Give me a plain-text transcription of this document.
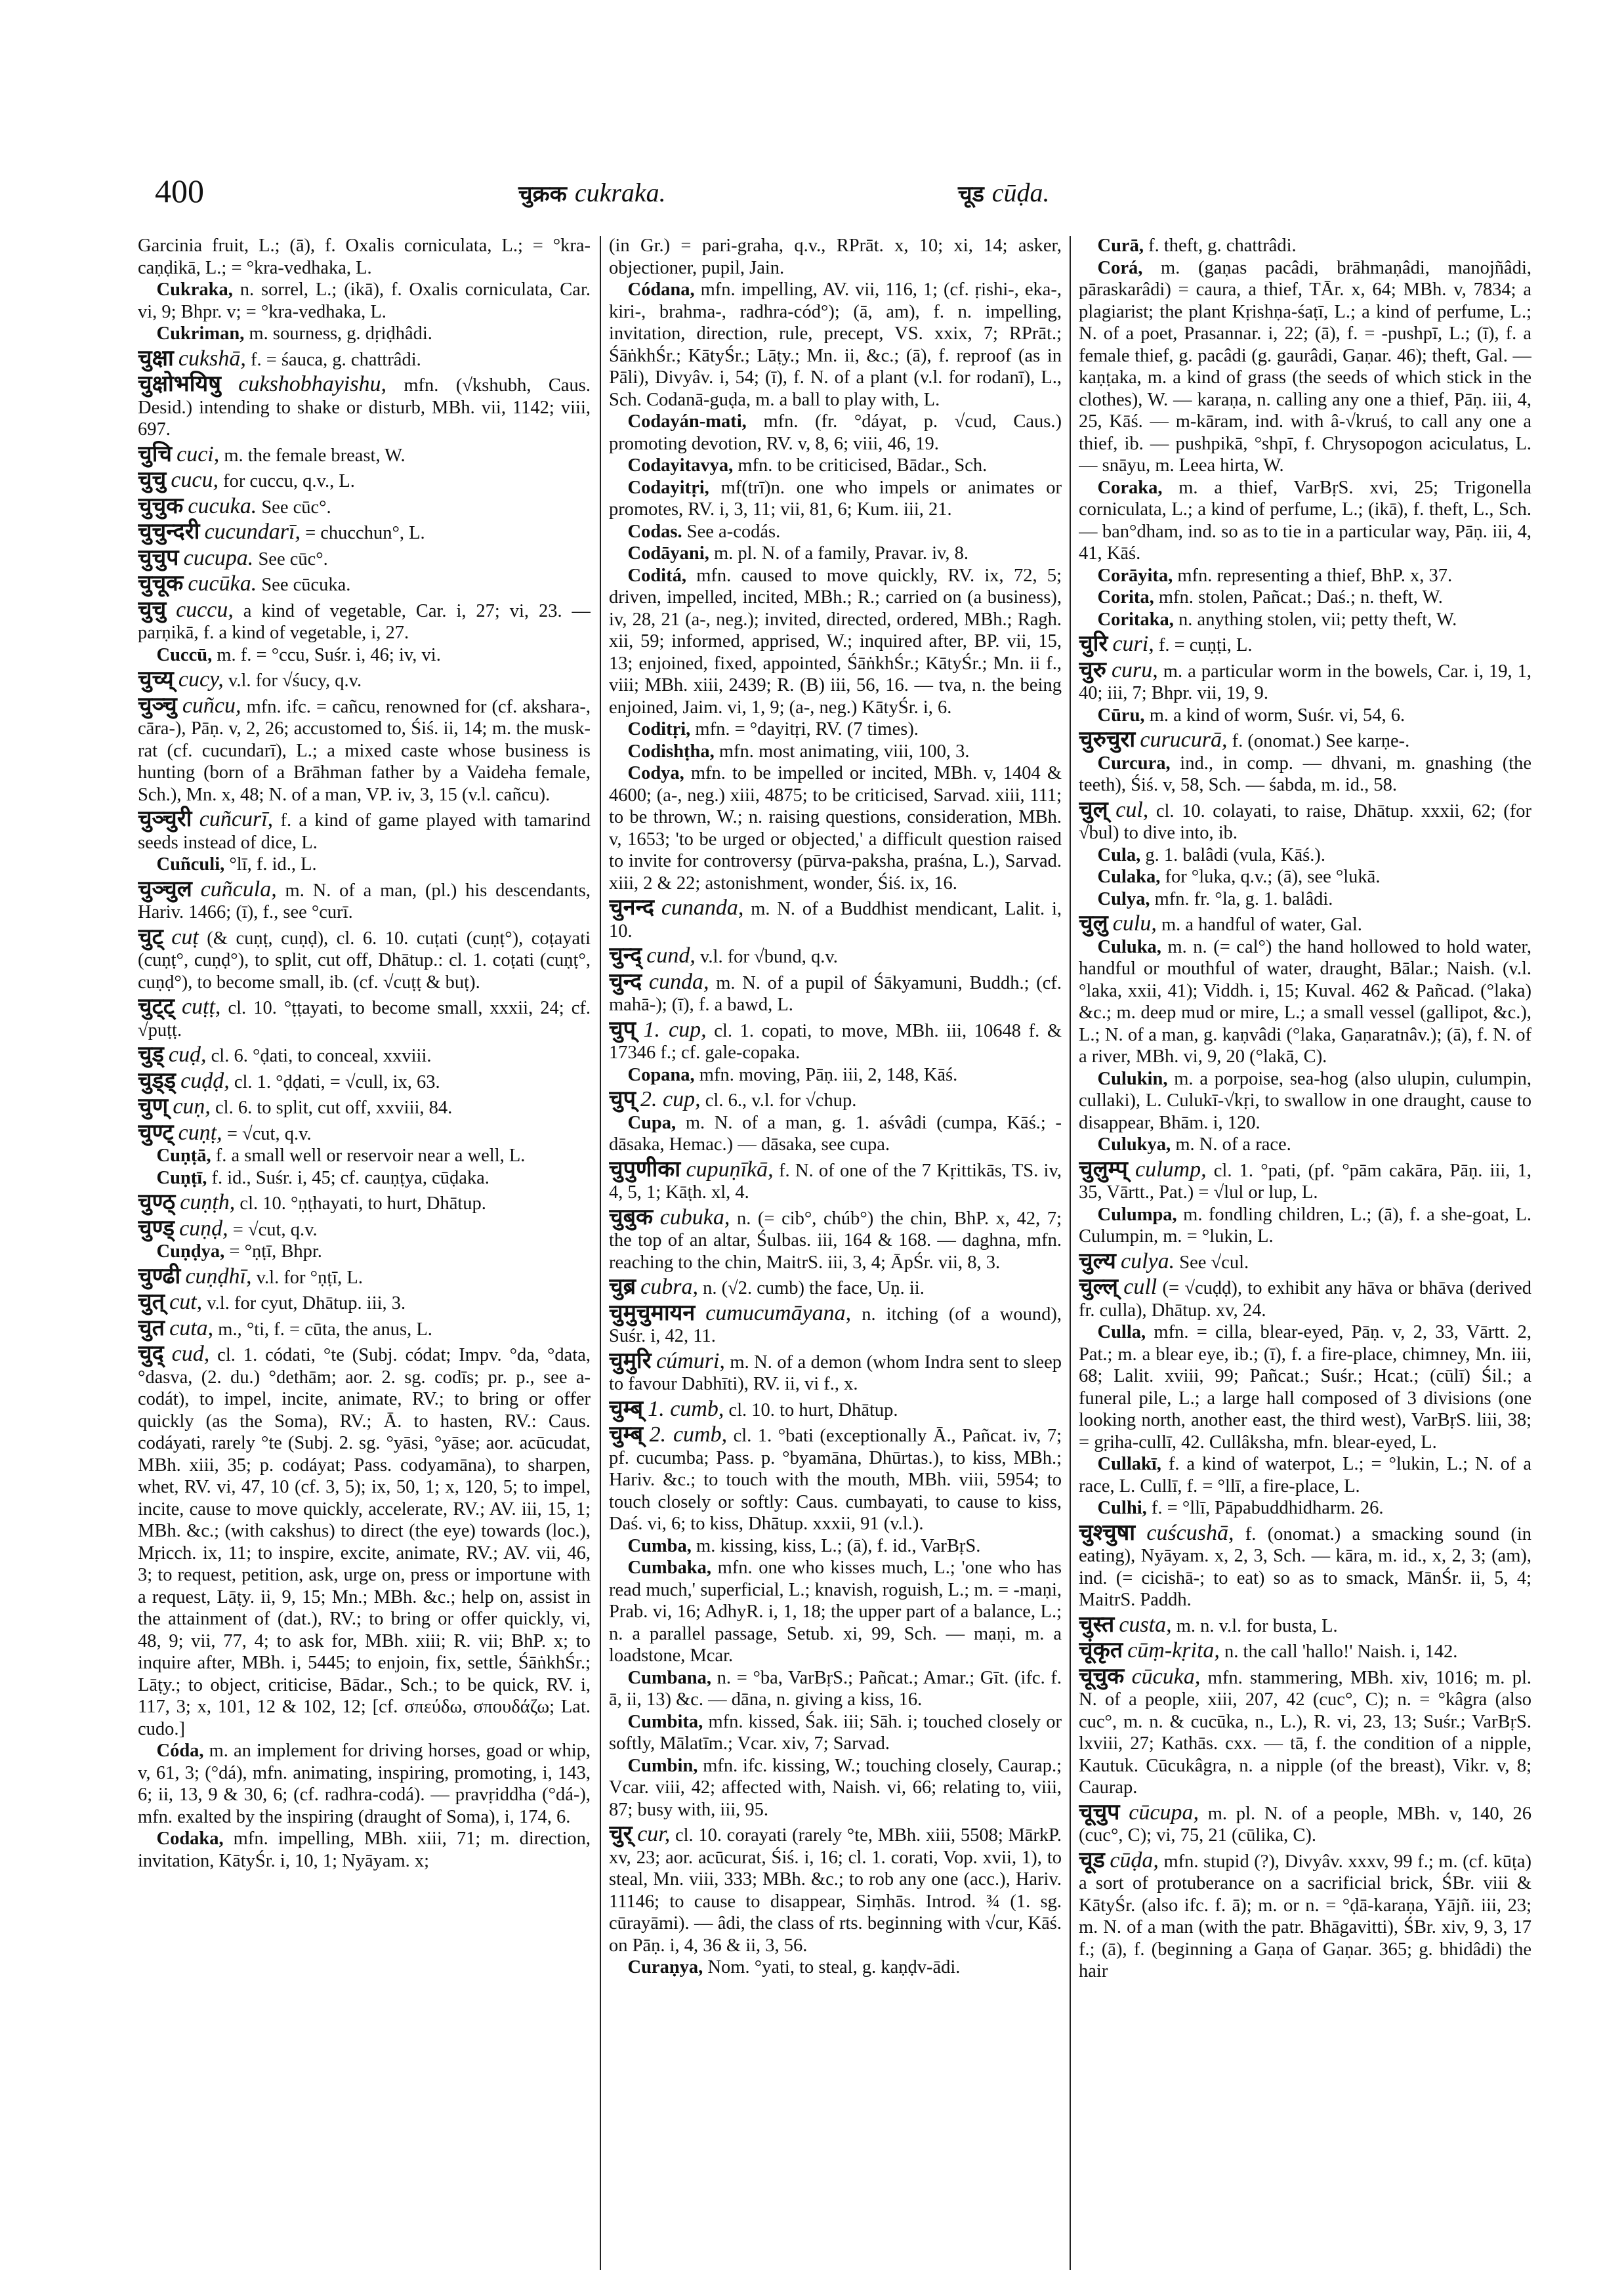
400	चुक्रक cukraka.	चूड cūḍa.

Garcinia fruit, L.; (ā), f. Oxalis corniculata, L.; = °kra-caṇḍikā, L.; = °kra-vedhaka, L.

Cukraka, n. sorrel, L.; (ikā), f. Oxalis corniculata, Car. vi, 9; Bhpr. v; = °kra-vedhaka, L.

Cukriman, m. sourness, g. dṛiḍhâdi.

चुक्षा cukshā, f. = śauca, g. chattrâdi.

चुक्षोभयिषु cukshobhayishu, mfn. (√kshubh, Caus. Desid.) intending to shake or disturb, MBh. vii, 1142; viii, 697.

चुचि cuci, m. the female breast, W.

चुचु cucu, for cuccu, q.v., L.

चुचुक cucuka. See cūc°.

चुचुन्दरी cucundarī, = chucchun°, L.

चुचुप cucupa. See cūc°.

चुचूक cucūka. See cūcuka.

चुचु cuccu, a kind of vegetable, Car. i, 27; vi, 23. — parṇikā, f. a kind of vegetable, i, 27.

Cuccū, m. f. = °ccu, Suśr. i, 46; iv, vi.

चुच्य् cucy, v.l. for √śucy, q.v.

चुञ्चु cuñcu, mfn. ifc. = cañcu, renowned for (cf. akshara-, cāra-), Pāṇ. v, 2, 26; accustomed to, Śiś. ii, 14; m. the musk-rat (cf. cucundarī), L.; a mixed caste whose business is hunting (born of a Brāhman father by a Vaideha female, Sch.), Mn. x, 48; N. of a man, VP. iv, 3, 15 (v.l. cañcu).

चुञ्चुरी cuñcurī, f. a kind of game played with tamarind seeds instead of dice, L.

Cuñculi, °lī, f. id., L.

चुञ्चुल cuñcula, m. N. of a man, (pl.) his descendants, Hariv. 1466; (ī), f., see °curī.

चुट् cuṭ (& cuṇṭ, cuṇḍ), cl. 6. 10. cuṭati (cuṇṭ°), coṭayati (cuṇṭ°, cuṇḍ°), to split, cut off, Dhātup.: cl. 1. coṭati (cuṇṭ°, cuṇḍ°), to become small, ib. (cf. √cuṭṭ & buṭ).

चुट्ट् cuṭṭ, cl. 10. °ṭṭayati, to become small, xxxii, 24; cf. √puṭṭ.

चुड् cuḍ, cl. 6. °ḍati, to conceal, xxviii.

चुड्ड् cuḍḍ, cl. 1. °ḍḍati, = √cull, ix, 63.

चुण् cuṇ, cl. 6. to split, cut off, xxviii, 84.

चुण्ट् cuṇṭ, = √cut, q.v.

Cuṇṭā, f. a small well or reservoir near a well, L.

Cuṇṭī, f. id., Suśr. i, 45; cf. cauṇṭya, cūḍaka.

चुण्ठ् cuṇṭh, cl. 10. °ṇṭhayati, to hurt, Dhātup.

चुण्ड् cuṇḍ, = √cut, q.v.

Cuṇḍya, = °ṇṭī, Bhpr.

चुण्ढी cuṇḍhī, v.l. for °ṇṭī, L.

चुत् cut, v.l. for cyut, Dhātup. iii, 3.

चुत cuta, m., °ti, f. = cūta, the anus, L.

चुद् cud, cl. 1. códati, °te (Subj. códat; Impv. °da, °data, °dasva, (2. du.) °dethām; aor. 2. sg. codīs; pr. p., see a-codát), to impel, incite, animate, RV.; to bring or offer quickly (as the Soma), RV.; Ā. to hasten, RV.: Caus. codáyati, rarely °te (Subj. 2. sg. °yāsi, °yāse; aor. acūcudat, MBh. xiii, 35; p. codáyat; Pass. codyamāna), to sharpen, whet, RV. vi, 47, 10 (cf. 3, 5); ix, 50, 1; x, 120, 5; to impel, incite, cause to move quickly, accelerate, RV.; AV. iii, 15, 1; MBh. &c.; (with cakshus) to direct (the eye) towards (loc.), Mṛicch. ix, 11; to inspire, excite, animate, RV.; AV. vii, 46, 3; to request, petition, ask, urge on, press or importune with a request, Lāṭy. ii, 9, 15; Mn.; MBh. &c.; help on, assist in the attainment of (dat.), RV.; to bring or offer quickly, vi, 48, 9; vii, 77, 4; to ask for, MBh. xiii; R. vii; BhP. x; to inquire after, MBh. i, 5445; to enjoin, fix, settle, ŚāṅkhŚr.; Lāṭy.; to object, criticise, Bādar., Sch.; to be quick, RV. i, 117, 3; x, 101, 12 & 102, 12; [cf. σπεύδω, σπουδάζω; Lat. cudo.]

Códa, m. an implement for driving horses, goad or whip, v, 61, 3; (°dá), mfn. animating, inspiring, promoting, i, 143, 6; ii, 13, 9 & 30, 6; (cf. radhra-codá). — pravṛiddha (°dá-), mfn. exalted by the inspiring (draught of Soma), i, 174, 6.

Codaka, mfn. impelling, MBh. xiii, 71; m. direction, invitation, KātyŚr. i, 10, 1; Nyāyam. x;

(in Gr.) = pari-graha, q.v., RPrāt. x, 10; xi, 14; asker, objectioner, pupil, Jain.

Códana, mfn. impelling, AV. vii, 116, 1; (cf. ṛishi-, eka-, kiri-, brahma-, radhra-cód°); (ā, am), f. n. impelling, invitation, direction, rule, precept, VS. xxix, 7; RPrāt.; ŚāṅkhŚr.; KātyŚr.; Lāṭy.; Mn. ii, &c.; (ā), f. reproof (as in Pāli), Divyâv. i, 54; (ī), f. N. of a plant (v.l. for rodanī), L., Sch. Codanā-guḍa, m. a ball to play with, L.

Codayán-mati, mfn. (fr. °dáyat, p. √cud, Caus.) promoting devotion, RV. v, 8, 6; viii, 46, 19.

Codayitavya, mfn. to be criticised, Bādar., Sch.

Codayitṛi, mf(trī)n. one who impels or animates or promotes, RV. i, 3, 11; vii, 81, 6; Kum. iii, 21.

Codas. See a-codás.

Codāyani, m. pl. N. of a family, Pravar. iv, 8.

Coditá, mfn. caused to move quickly, RV. ix, 72, 5; driven, impelled, incited, MBh.; R.; carried on (a business), iv, 28, 21 (a-, neg.); invited, directed, ordered, MBh.; Ragh. xii, 59; informed, apprised, W.; inquired after, BP. vii, 15, 13; enjoined, fixed, appointed, ŚāṅkhŚr.; KātyŚr.; Mn. ii f., viii; MBh. xiii, 2439; R. (B) iii, 56, 16. — tva, n. the being enjoined, Jaim. vi, 1, 9; (a-, neg.) KātyŚr. i, 6.

Coditṛi, mfn. = °dayitṛi, RV. (7 times).

Codishṭha, mfn. most animating, viii, 100, 3.

Codya, mfn. to be impelled or incited, MBh. v, 1404 & 4600; (a-, neg.) xiii, 4875; to be criticised, Sarvad. xiii, 111; to be thrown, W.; n. raising questions, consideration, MBh. v, 1653; 'to be urged or objected,' a difficult question raised to invite for controversy (pūrva-paksha, praśna, L.), Sarvad. xiii, 2 & 22; astonishment, wonder, Śiś. ix, 16.

चुनन्द cunanda, m. N. of a Buddhist mendicant, Lalit. i, 10.

चुन्द् cund, v.l. for √bund, q.v.

चुन्द cunda, m. N. of a pupil of Śākyamuni, Buddh.; (cf. mahā-); (ī), f. a bawd, L.

चुप् 1. cup, cl. 1. copati, to move, MBh. iii, 10648 f. & 17346 f.; cf. gale-copaka.

Copana, mfn. moving, Pāṇ. iii, 2, 148, Kāś.

चुप् 2. cup, cl. 6., v.l. for √chup.

Cupa, m. N. of a man, g. 1. aśvâdi (cumpa, Kāś.; -dāsaka, Hemac.) — dāsaka, see cupa.

चुपुणीका cupuṇīkā, f. N. of one of the 7 Kṛittikās, TS. iv, 4, 5, 1; Kāṭh. xl, 4.

चुबुक cubuka, n. (= cib°, chúb°) the chin, BhP. x, 42, 7; the top of an altar, Śulbas. iii, 164 & 168. — daghna, mfn. reaching to the chin, MaitrS. iii, 3, 4; ĀpŚr. vii, 8, 3.

चुब्र cubra, n. (√2. cumb) the face, Uṇ. ii.

चुमुचुमायन cumucumāyana, n. itching (of a wound), Suśr. i, 42, 11.

चुमुरि cúmuri, m. N. of a demon (whom Indra sent to sleep to favour Dabhīti), RV. ii, vi f., x.

चुम्ब् 1. cumb, cl. 10. to hurt, Dhātup.

चुम्ब् 2. cumb, cl. 1. °bati (exceptionally Ā., Pañcat. iv, 7; pf. cucumba; Pass. p. °byamāna, Dhūrtas.), to kiss, MBh.; Hariv. &c.; to touch with the mouth, MBh. viii, 5954; to touch closely or softly: Caus. cumbayati, to cause to kiss, Daś. vi, 6; to kiss, Dhātup. xxxii, 91 (v.l.).

Cumba, m. kissing, kiss, L.; (ā), f. id., VarBṛS.

Cumbaka, mfn. one who kisses much, L.; 'one who has read much,' superficial, L.; knavish, roguish, L.; m. = -maṇi, Prab. vi, 16; AdhyR. i, 1, 18; the upper part of a balance, L.; n. a parallel passage, Setub. xi, 99, Sch. — maṇi, m. a loadstone, Mcar.

Cumbana, n. = °ba, VarBṛS.; Pañcat.; Amar.; Gīt. (ifc. f. ā, ii, 13) &c. — dāna, n. giving a kiss, 16.

Cumbita, mfn. kissed, Śak. iii; Sāh. i; touched closely or softly, Mālatīm.; Vcar. xiv, 7; Sarvad.

Cumbin, mfn. ifc. kissing, W.; touching closely, Caurap.; Vcar. viii, 42; affected with, Naish. vi, 66; relating to, viii, 87; busy with, iii, 95.

चुर् cur, cl. 10. corayati (rarely °te, MBh. xiii, 5508; MārkP. xv, 23; aor. acūcurat, Śiś. i, 16; cl. 1. corati, Vop. xvii, 1), to steal, Mn. viii, 333; MBh. &c.; to rob any one (acc.), Hariv. 11146; to cause to disappear, Siṃhās. Introd. ¾ (1. sg. cūrayāmi). — âdi, the class of rts. beginning with √cur, Kāś. on Pāṇ. i, 4, 36 & ii, 3, 56.

Curaṇya, Nom. °yati, to steal, g. kaṇḍv-ādi.

Curā, f. theft, g. chattrâdi.

Corá, m. (gaṇas pacâdi, brāhmaṇâdi, manojñâdi, pāraskarâdi) = caura, a thief, TĀr. x, 64; MBh. v, 7834; a plagiarist; the plant Kṛishṇa-śaṭī, L.; a kind of perfume, L.; N. of a poet, Prasannar. i, 22; (ā), f. = -pushpī, L.; (ī), f. a female thief, g. pacâdi (g. gaurâdi, Gaṇar. 46); theft, Gal. — kaṇṭaka, m. a kind of grass (the seeds of which stick in the clothes), W. — karaṇa, n. calling any one a thief, Pāṇ. iii, 4, 25, Kāś. — m-kāram, ind. with â-√kruś, to call any one a thief, ib. — pushpikā, °shpī, f. Chrysopogon aciculatus, L. — snāyu, m. Leea hirta, W.

Coraka, m. a thief, VarBṛS. xvi, 25; Trigonella corniculata, L.; a kind of perfume, L.; (ikā), f. theft, L., Sch. — ban°dham, ind. so as to tie in a particular way, Pāṇ. iii, 4, 41, Kāś.

Corāyita, mfn. representing a thief, BhP. x, 37.

Corita, mfn. stolen, Pañcat.; Daś.; n. theft, W.

Coritaka, n. anything stolen, vii; petty theft, W.

चुरि curi, f. = cuṇṭi, L.

चुरु curu, m. a particular worm in the bowels, Car. i, 19, 1, 40; iii, 7; Bhpr. vii, 19, 9.

Cūru, m. a kind of worm, Suśr. vi, 54, 6.

चुरुचुरा curucurā, f. (onomat.) See karṇe-.

Curcura, ind., in comp. — dhvani, m. gnashing (the teeth), Śiś. v, 58, Sch. — śabda, m. id., 58.

चुल् cul, cl. 10. colayati, to raise, Dhātup. xxxii, 62; (for √bul) to dive into, ib.

Cula, g. 1. balâdi (vula, Kāś.).

Culaka, for °luka, q.v.; (ā), see °lukā.

Culya, mfn. fr. °la, g. 1. balâdi.

चुलु culu, m. a handful of water, Gal.

Culuka, m. n. (= cal°) the hand hollowed to hold water, handful or mouthful of water, draught, Bālar.; Naish. (v.l. °laka, xxii, 41); Viddh. i, 15; Kuval. 462 & Pañcad. (°laka) &c.; m. deep mud or mire, L.; a small vessel (gallipot, &c.), L.; N. of a man, g. kaṇvâdi (°laka, Gaṇaratnâv.); (ā), f. N. of a river, MBh. vi, 9, 20 (°lakā, C).

Culukin, m. a porpoise, sea-hog (also ulupin, culumpin, cullaki), L. Culukī-√kṛi, to swallow in one draught, cause to disappear, Bhām. i, 120.

Culukya, m. N. of a race.

चुलुम्प् culump, cl. 1. °pati, (pf. °pām cakāra, Pāṇ. iii, 1, 35, Vārtt., Pat.) = √lul or lup, L.

Culumpa, m. fondling children, L.; (ā), f. a she-goat, L. Culumpin, m. = °lukin, L.

चुल्य culya. See √cul.

चुल्ल् cull (= √cuḍḍ), to exhibit any hāva or bhāva (derived fr. culla), Dhātup. xv, 24.

Culla, mfn. = cilla, blear-eyed, Pāṇ. v, 2, 33, Vārtt. 2, Pat.; m. a blear eye, ib.; (ī), f. a fire-place, chimney, Mn. iii, 68; Lalit. xviii, 99; Pañcat.; Suśr.; Hcat.; (cūlī) Śil.; a funeral pile, L.; a large hall composed of 3 divisions (one looking north, another east, the third west), VarBṛS. liii, 38; = gṛiha-cullī, 42. Cullâksha, mfn. blear-eyed, L.

Cullakī, f. a kind of waterpot, L.; = °lukin, L.; N. of a race, L. Cullī, f. = °llī, a fire-place, L.

Culhi, f. = °llī, Pāpabuddhidharm. 26.

चुश्चुषा cuścushā, f. (onomat.) a smacking sound (in eating), Nyāyam. x, 2, 3, Sch. — kāra, m. id., x, 2, 3; (am), ind. (= cicishā-; to eat) so as to smack, MānŚr. ii, 5, 4; MaitrS. Paddh.

चुस्त custa, m. n. v.l. for busta, L.

चूंकृत cūṃ-kṛita, n. the call 'hallo!' Naish. i, 142.

चूचुक cūcuka, mfn. stammering, MBh. xiv, 1016; m. pl. N. of a people, xiii, 207, 42 (cuc°, C); n. = °kâgra (also cuc°, m. n. & cucūka, n., L.), R. vi, 23, 13; Suśr.; VarBṛS. lxviii, 27; Kathās. cxx. — tā, f. the condition of a nipple, Kautuk. Cūcukâgra, n. a nipple (of the breast), Vikr. v, 8; Caurap.

चूचुप cūcupa, m. pl. N. of a people, MBh. v, 140, 26 (cuc°, C); vi, 75, 21 (cūlika, C).

चूड cūḍa, mfn. stupid (?), Divyâv. xxxv, 99 f.; m. (cf. kūṭa) a sort of protuberance on a sacrificial brick, ŚBr. viii & KātyŚr. (also ifc. f. ā); m. or n. = °ḍā-karaṇa, Yājñ. iii, 23; m. N. of a man (with the patr. Bhāgavitti), ŚBr. xiv, 9, 3, 17 f.; (ā), f. (beginning a Gaṇa of Gaṇar. 365; g. bhidâdi) the hair
